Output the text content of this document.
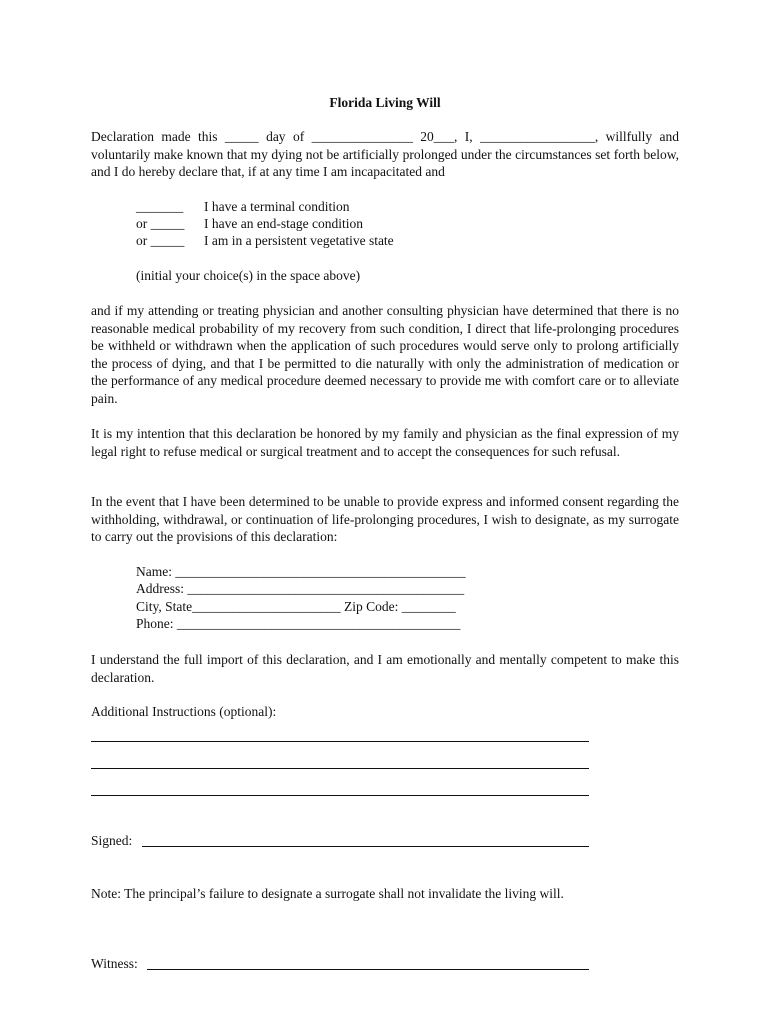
Florida Living Will
Declaration made this _____ day of _______________ 20___, I, _________________, willfully and voluntarily make known that my dying not be artificially prolonged under the circumstances set forth below, and I do hereby declare that, if at any time I am incapacitated and
_______ I have a terminal condition
or _____ I have an end-stage condition
or _____ I am in a persistent vegetative state
(initial your choice(s) in the space above)
and if my attending or treating physician and another consulting physician have determined that there is no reasonable medical probability of my recovery from such condition, I direct that life-prolonging procedures be withheld or withdrawn when the application of such procedures would serve only to prolong artificially the process of dying, and that I be permitted to die naturally with only the administration of medication or the performance of any medical procedure deemed necessary to provide me with comfort care or to alleviate pain.
It is my intention that this declaration be honored by my family and physician as the final expression of my legal right to refuse medical or surgical treatment and to accept the consequences for such refusal.
In the event that I have been determined to be unable to provide express and informed consent regarding the withholding, withdrawal, or continuation of life-prolonging procedures, I wish to designate, as my surrogate to carry out the provisions of this declaration:
Name: ___________________________________________
Address: _________________________________________
City, State______________________ Zip Code: ________
Phone: __________________________________________
I understand the full import of this declaration, and I am emotionally and mentally competent to make this declaration.
Additional Instructions (optional):
Signed:
Note: The principal’s failure to designate a surrogate shall not invalidate the living will.
Witness:
